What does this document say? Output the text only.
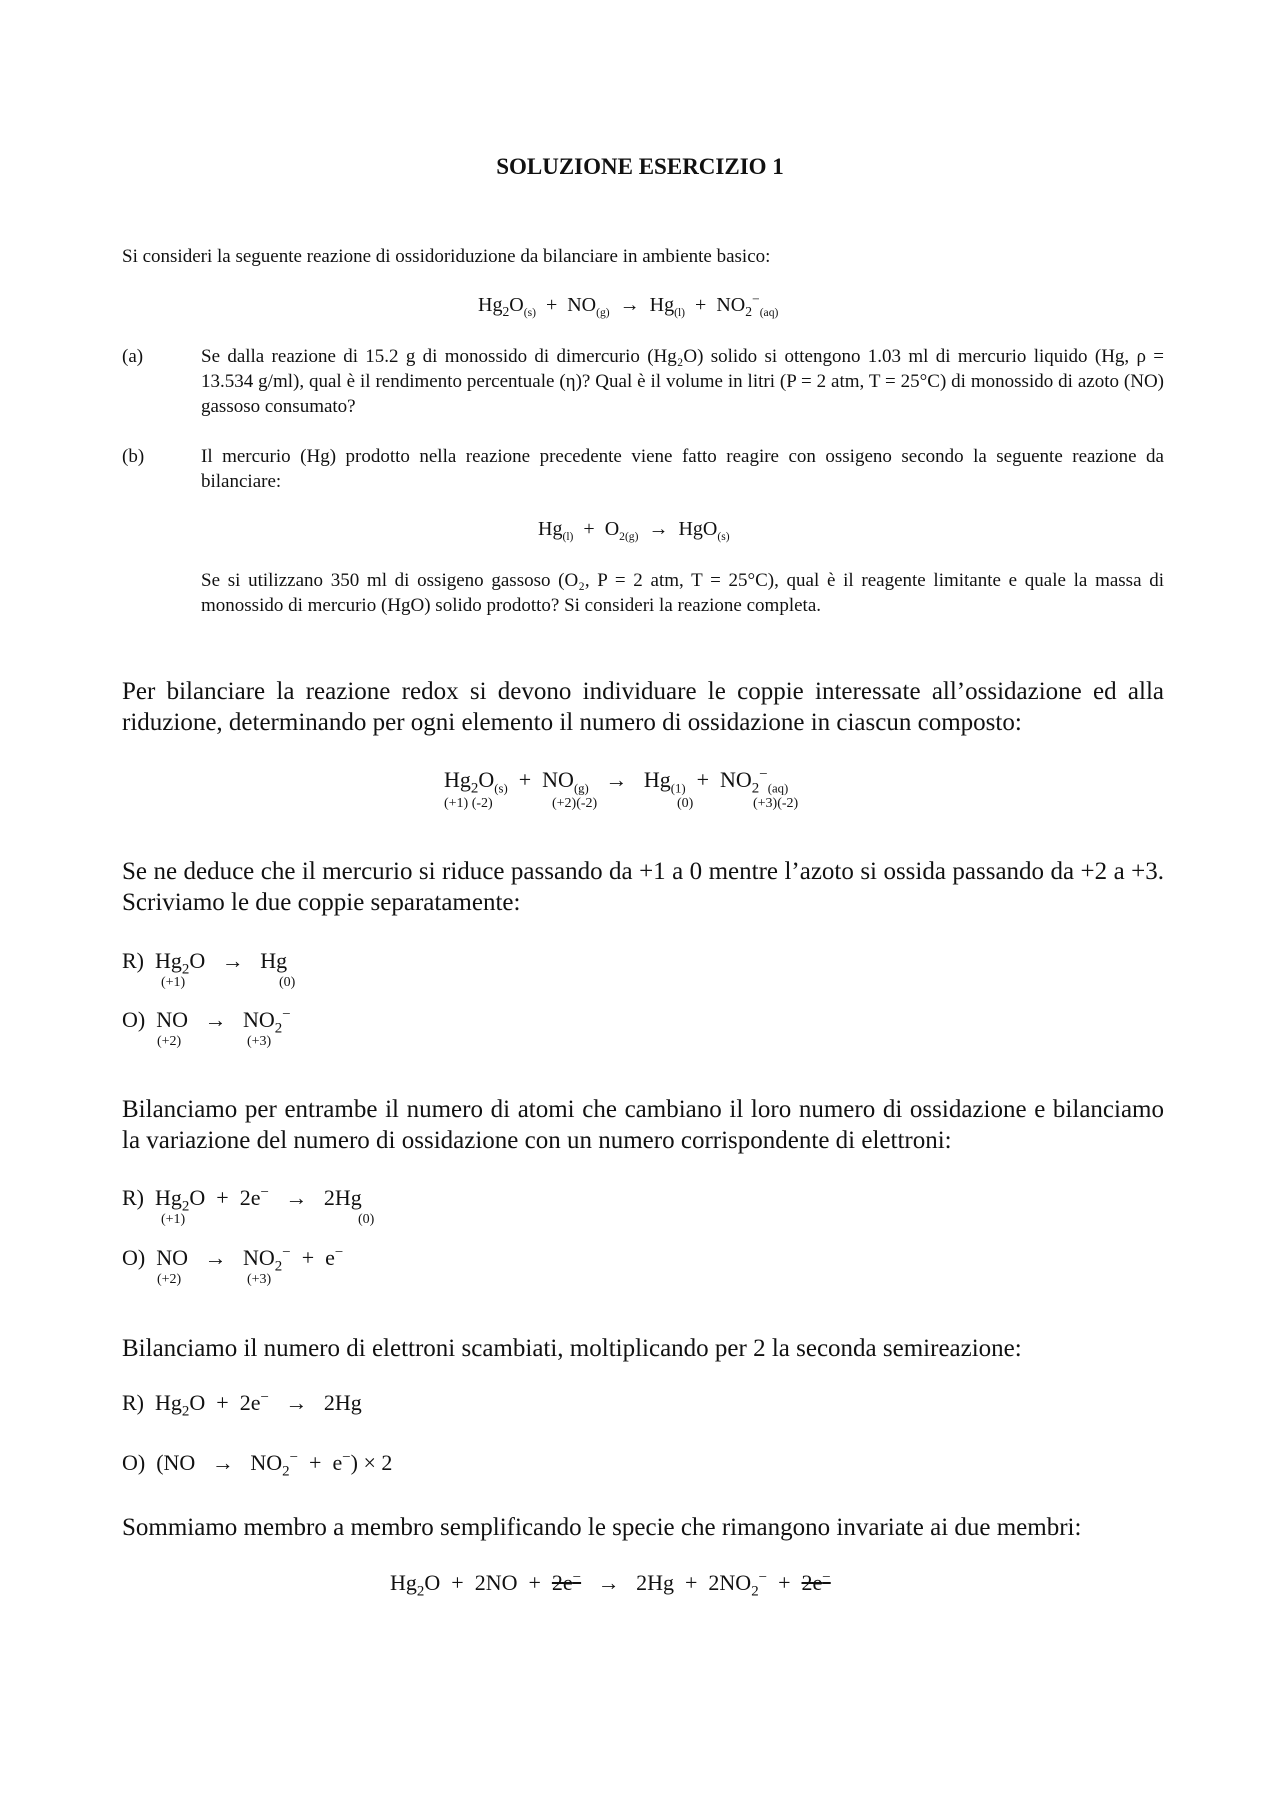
SOLUZIONE ESERCIZIO 1
Si consideri la seguente reazione di ossidoriduzione da bilanciare in ambiente basico:
$Hg_2O_{(s)} + NO_{(g)} \to Hg_{(l)} + NO_2^-_{(aq)}$
(a)	Se dalla reazione di 15.2 g di monossido di dimercurio (Hg₂O) solido si ottengono 1.03 ml di mercurio liquido (Hg, ρ = 13.534 g/ml), qual è il rendimento percentuale (η)? Qual è il volume in litri (P = 2 atm, T = 25°C) di monossido di azoto (NO) gassoso consumato?
(b)	Il mercurio (Hg) prodotto nella reazione precedente viene fatto reagire con ossigeno secondo la seguente reazione da bilanciare:
$Hg_{(l)} + O_{2(g)} \to HgO_{(s)}$
Se si utilizzano 350 ml di ossigeno gassoso (O₂, P = 2 atm, T = 25°C), qual è il reagente limitante e quale la massa di monossido di mercurio (HgO) solido prodotto? Si consideri la reazione completa.
Per bilanciare la reazione redox si devono individuare le coppie interessate all’ossidazione ed alla riduzione, determinando per ogni elemento il numero di ossidazione in ciascun composto:
$Hg_2O_{(s)} + NO_{(g)} \to Hg_{(1)} + NO_2^-_{(aq)}$
(+1) (-2)	(+2)(-2)	(0)	(+3)(-2)
Se ne deduce che il mercurio si riduce passando da +1 a 0 mentre l’azoto si ossida passando da +2 a +3. Scriviamo le due coppie separatamente:
R) $Hg_2O \to Hg$
(+1)	(0)
O) NO → $NO_2^-$
(+2)	(+3)
Bilanciamo per entrambe il numero di atomi che cambiano il loro numero di ossidazione e bilanciamo la variazione del numero di ossidazione con un numero corrispondente di elettroni:
R) $Hg_2O + 2e^- \to 2Hg$
(+1)	(0)
O) NO → $NO_2^- + e^-$
(+2)	(+3)
Bilanciamo il numero di elettroni scambiati, moltiplicando per 2 la seconda semireazione:
R) $Hg_2O + 2e^- \to 2Hg$
O) $(NO \to NO_2^- + e^-) \times 2$
Sommiamo membro a membro semplificando le specie che rimangono invariate ai due membri:
$Hg_2O + 2NO + 2e^- \to 2Hg + 2NO_2^- + 2e^-$
